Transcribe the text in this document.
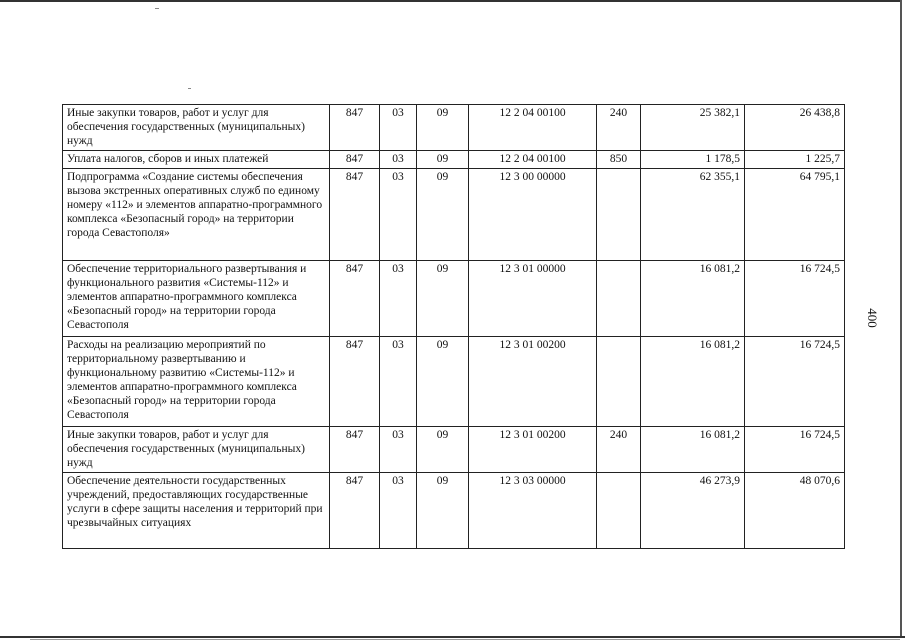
Иные закупки товаров, работ и услуг для обеспечения государственных (муниципальных) нужд	847	03	09	12 2 04 00100	240	25 382,1	26 438,8
Уплата налогов, сборов и иных платежей	847	03	09	12 2 04 00100	850	1 178,5	1 225,7
Подпрограмма «Создание системы обеспечения вызова экстренных оперативных служб по единому номеру «112» и элементов аппаратно-программного комплекса «Безопасный город» на территории города Севастополя»	847	03	09	12 3 00 00000		62 355,1	64 795,1
Обеспечение территориального развертывания и функционального развития «Системы-112» и элементов аппаратно-программного комплекса «Безопасный город» на территории города Севастополя	847	03	09	12 3 01 00000		16 081,2	16 724,5
Расходы на реализацию мероприятий по территориальному развертыванию и функциональному развитию «Системы-112» и элементов аппаратно-программного комплекса «Безопасный город» на территории города Севастополя	847	03	09	12 3 01 00200		16 081,2	16 724,5
Иные закупки товаров, работ и услуг для обеспечения государственных (муниципальных) нужд	847	03	09	12 3 01 00200	240	16 081,2	16 724,5
Обеспечение деятельности государственных учреждений, предоставляющих государственные услуги в сфере защиты населения и территорий при чрезвычайных ситуациях	847	03	09	12 3 03 00000		46 273,9	48 070,6
400
